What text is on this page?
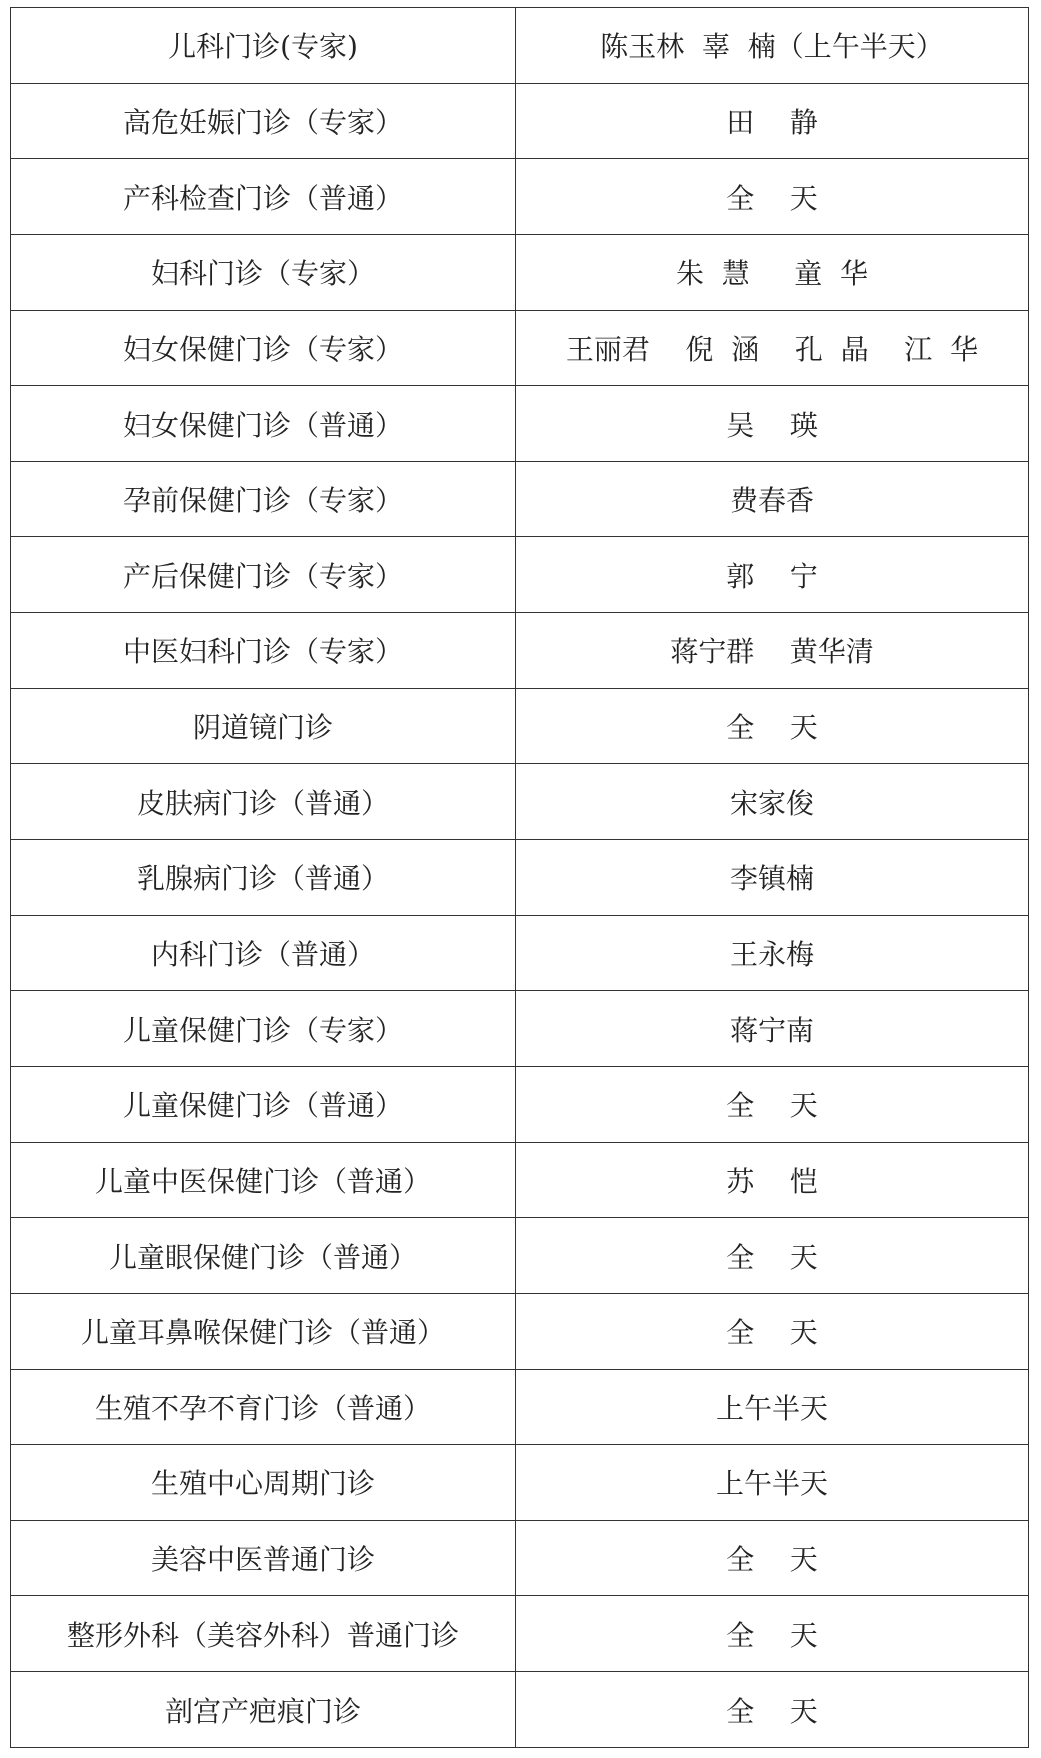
儿科门诊(专家)	陈玉林  辜  楠（上午半天）
高危妊娠门诊（专家）	田    静
产科检查门诊（普通）	全    天
妇科门诊（专家）	朱  慧     童  华
妇女保健门诊（专家）	王丽君    倪  涵    孔  晶    江  华
妇女保健门诊（普通）	吴    瑛
孕前保健门诊（专家）	费春香
产后保健门诊（专家）	郭    宁
中医妇科门诊（专家）	蒋宁群    黄华清
阴道镜门诊	全    天
皮肤病门诊（普通）	宋家俊
乳腺病门诊（普通）	李镇楠
内科门诊（普通）	王永梅
儿童保健门诊（专家）	蒋宁南
儿童保健门诊（普通）	全    天
儿童中医保健门诊（普通）	苏    恺
儿童眼保健门诊（普通）	全    天
儿童耳鼻喉保健门诊（普通）	全    天
生殖不孕不育门诊（普通）	上午半天
生殖中心周期门诊	上午半天
美容中医普通门诊	全    天
整形外科（美容外科）普通门诊	全    天
剖宫产疤痕门诊	全    天
